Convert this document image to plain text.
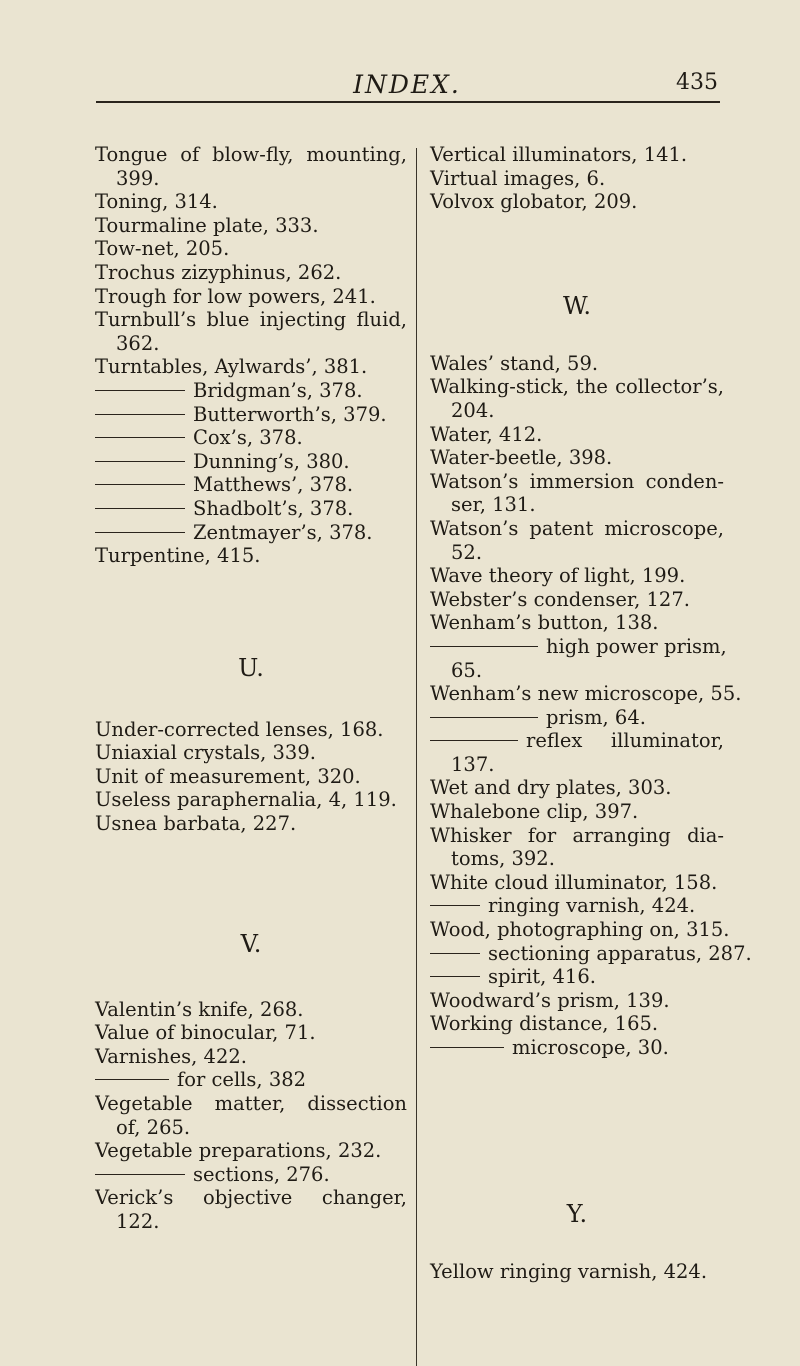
INDEX.	435
Tongue of blow-fly, mounting,
399.
Toning, 314.
Tourmaline plate, 333.
Tow-net, 205.
Trochus zizyphinus, 262.
Trough for low powers, 241.
Turnbull’s blue injecting fluid,
362.
Turntables, Aylwards’, 381.
Bridgman’s, 378.
Butterworth’s, 379.
Cox’s, 378.
Dunning’s, 380.
Matthews’, 378.
Shadbolt’s, 378.
Zentmayer’s, 378.
Turpentine, 415.
U.
Under-corrected lenses, 168.
Uniaxial crystals, 339.
Unit of measurement, 320.
Useless paraphernalia, 4, 119.
Usnea barbata, 227.
V.
Valentin’s knife, 268.
Value of binocular, 71.
Varnishes, 422.
for cells, 382
Vegetable matter, dissection
of, 265.
Vegetable preparations, 232.
sections, 276.
Verick’s objective changer,
122.
Vertical illuminators, 141.
Virtual images, 6.
Volvox globator, 209.
W.
Wales’ stand, 59.
Walking-stick, the collector’s,
204.
Water, 412.
Water-beetle, 398.
Watson’s immersion conden-
ser, 131.
Watson’s patent microscope,
52.
Wave theory of light, 199.
Webster’s condenser, 127.
Wenham’s button, 138.
high power prism,
65.
Wenham’s new microscope, 55.
prism, 64.
reflex illuminator,
137.
Wet and dry plates, 303.
Whalebone clip, 397.
Whisker for arranging dia-
toms, 392.
White cloud illuminator, 158.
ringing varnish, 424.
Wood, photographing on, 315.
sectioning apparatus, 287.
spirit, 416.
Woodward’s prism, 139.
Working distance, 165.
microscope, 30.
Y.
Yellow ringing varnish, 424.
